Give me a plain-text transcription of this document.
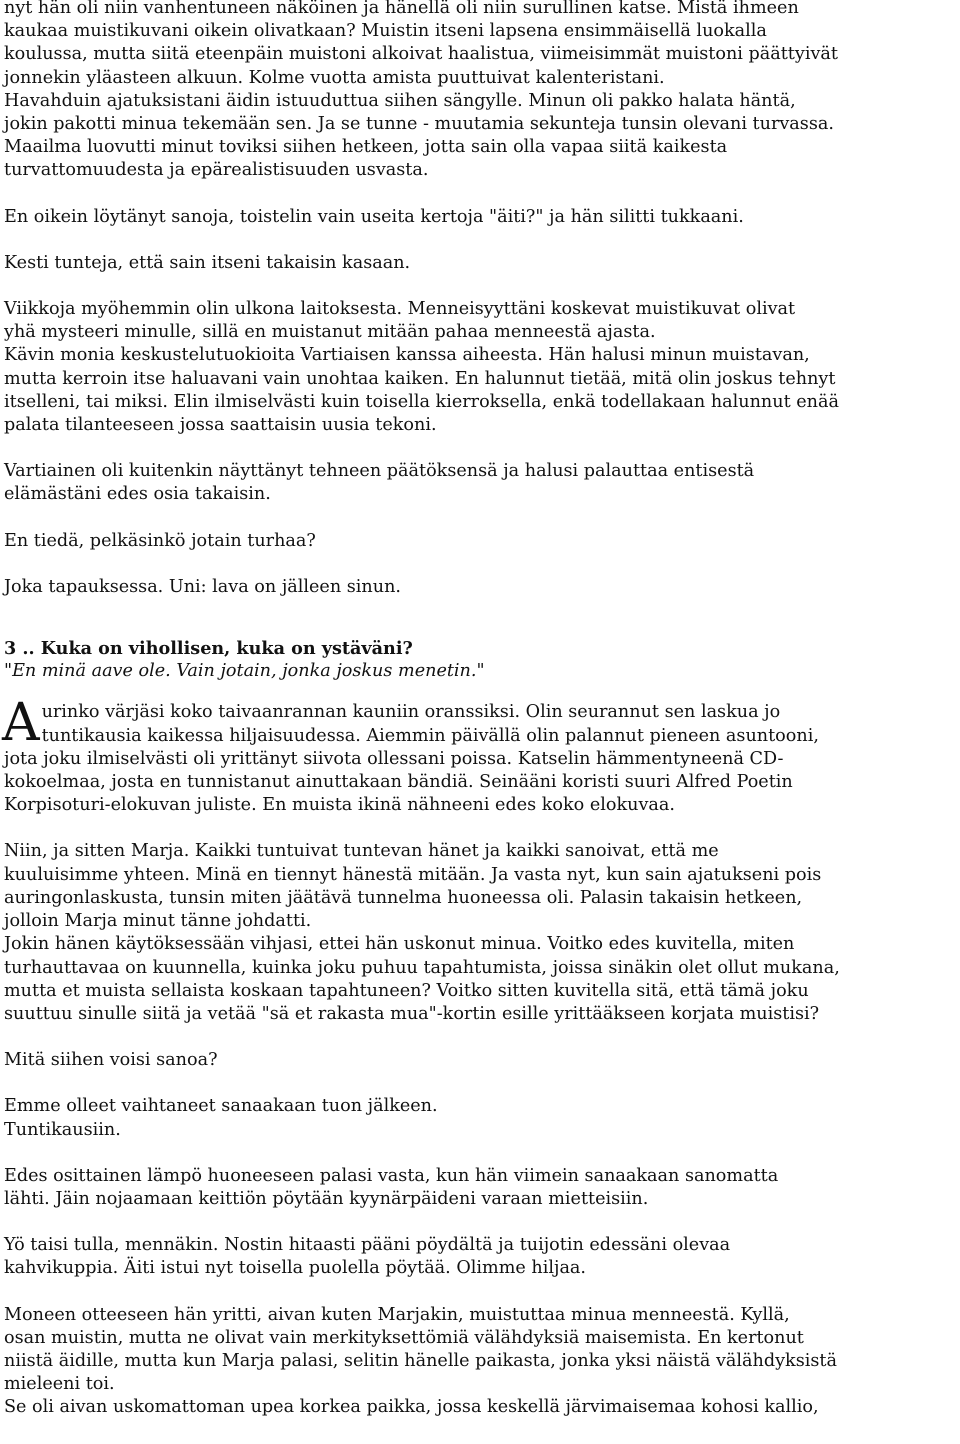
nyt hän oli niin vanhentuneen näköinen ja hänellä oli niin surullinen katse. Mistä ihmeen
kaukaa muistikuvani oikein olivatkaan? Muistin itseni lapsena ensimmäisellä luokalla
koulussa, mutta siitä eteenpäin muistoni alkoivat haalistua, viimeisimmät muistoni päättyivät
jonnekin yläasteen alkuun. Kolme vuotta amista puuttuivat kalenteristani.
Havahduin ajatuksistani äidin istuuduttua siihen sängylle. Minun oli pakko halata häntä,
jokin pakotti minua tekemään sen. Ja se tunne - muutamia sekunteja tunsin olevani turvassa.
Maailma luovutti minut toviksi siihen hetkeen, jotta sain olla vapaa siitä kaikesta
turvattomuudesta ja epärealistisuuden usvasta.

En oikein löytänyt sanoja, toistelin vain useita kertoja "äiti?" ja hän silitti tukkaani.

Kesti tunteja, että sain itseni takaisin kasaan.

Viikkoja myöhemmin olin ulkona laitoksesta. Menneisyyttäni koskevat muistikuvat olivat
yhä mysteeri minulle, sillä en muistanut mitään pahaa menneestä ajasta.
Kävin monia keskustelutuokioita Vartiaisen kanssa aiheesta. Hän halusi minun muistavan,
mutta kerroin itse haluavani vain unohtaa kaiken. En halunnut tietää, mitä olin joskus tehnyt
itselleni, tai miksi. Elin ilmiselvästi kuin toisella kierroksella, enkä todellakaan halunnut enää
palata tilanteeseen jossa saattaisin uusia tekoni.

Vartiainen oli kuitenkin näyttänyt tehneen päätöksensä ja halusi palauttaa entisestä
elämästäni edes osia takaisin.

En tiedä, pelkäsinkö jotain turhaa?

Joka tapauksessa. Uni: lava on jälleen sinun.

3 .. Kuka on vihollisen, kuka on ystäväni?

"En minä aave ole. Vain jotain, jonka joskus menetin."

Aurinko värjäsi koko taivaanrannan kauniin oranssiksi. Olin seurannut sen laskua jo
tuntikausia kaikessa hiljaisuudessa. Aiemmin päivällä olin palannut pieneen asuntooni,
jota joku ilmiselvästi oli yrittänyt siivota ollessani poissa. Katselin hämmentyneenä CD-
kokoelmaa, josta en tunnistanut ainuttakaan bändiä. Seinääni koristi suuri Alfred Poetin
Korpisoturi-elokuvan juliste. En muista ikinä nähneeni edes koko elokuvaa.

Niin, ja sitten Marja. Kaikki tuntuivat tuntevan hänet ja kaikki sanoivat, että me
kuuluisimme yhteen. Minä en tiennyt hänestä mitään. Ja vasta nyt, kun sain ajatukseni pois
auringonlaskusta, tunsin miten jäätävä tunnelma huoneessa oli. Palasin takaisin hetkeen,
jolloin Marja minut tänne johdatti.
Jokin hänen käytöksessään vihjasi, ettei hän uskonut minua. Voitko edes kuvitella, miten
turhauttavaa on kuunnella, kuinka joku puhuu tapahtumista, joissa sinäkin olet ollut mukana,
mutta et muista sellaista koskaan tapahtuneen? Voitko sitten kuvitella sitä, että tämä joku
suuttuu sinulle siitä ja vetää "sä et rakasta mua"-kortin esille yrittääkseen korjata muistisi?

Mitä siihen voisi sanoa?

Emme olleet vaihtaneet sanaakaan tuon jälkeen.
Tuntikausiin.

Edes osittainen lämpö huoneeseen palasi vasta, kun hän viimein sanaakaan sanomatta
lähti. Jäin nojaamaan keittiön pöytään kyynärpäideni varaan mietteisiin.

Yö taisi tulla, mennäkin. Nostin hitaasti pääni pöydältä ja tuijotin edessäni olevaa
kahvikuppia. Äiti istui nyt toisella puolella pöytää. Olimme hiljaa.

Moneen otteeseen hän yritti, aivan kuten Marjakin, muistuttaa minua menneestä. Kyllä,
osan muistin, mutta ne olivat vain merkityksettömiä välähdyksiä maisemista. En kertonut
niistä äidille, mutta kun Marja palasi, selitin hänelle paikasta, jonka yksi näistä välähdyksistä
mieleeni toi.
Se oli aivan uskomattoman upea korkea paikka, jossa keskellä järvimaisemaa kohosi kallio,
